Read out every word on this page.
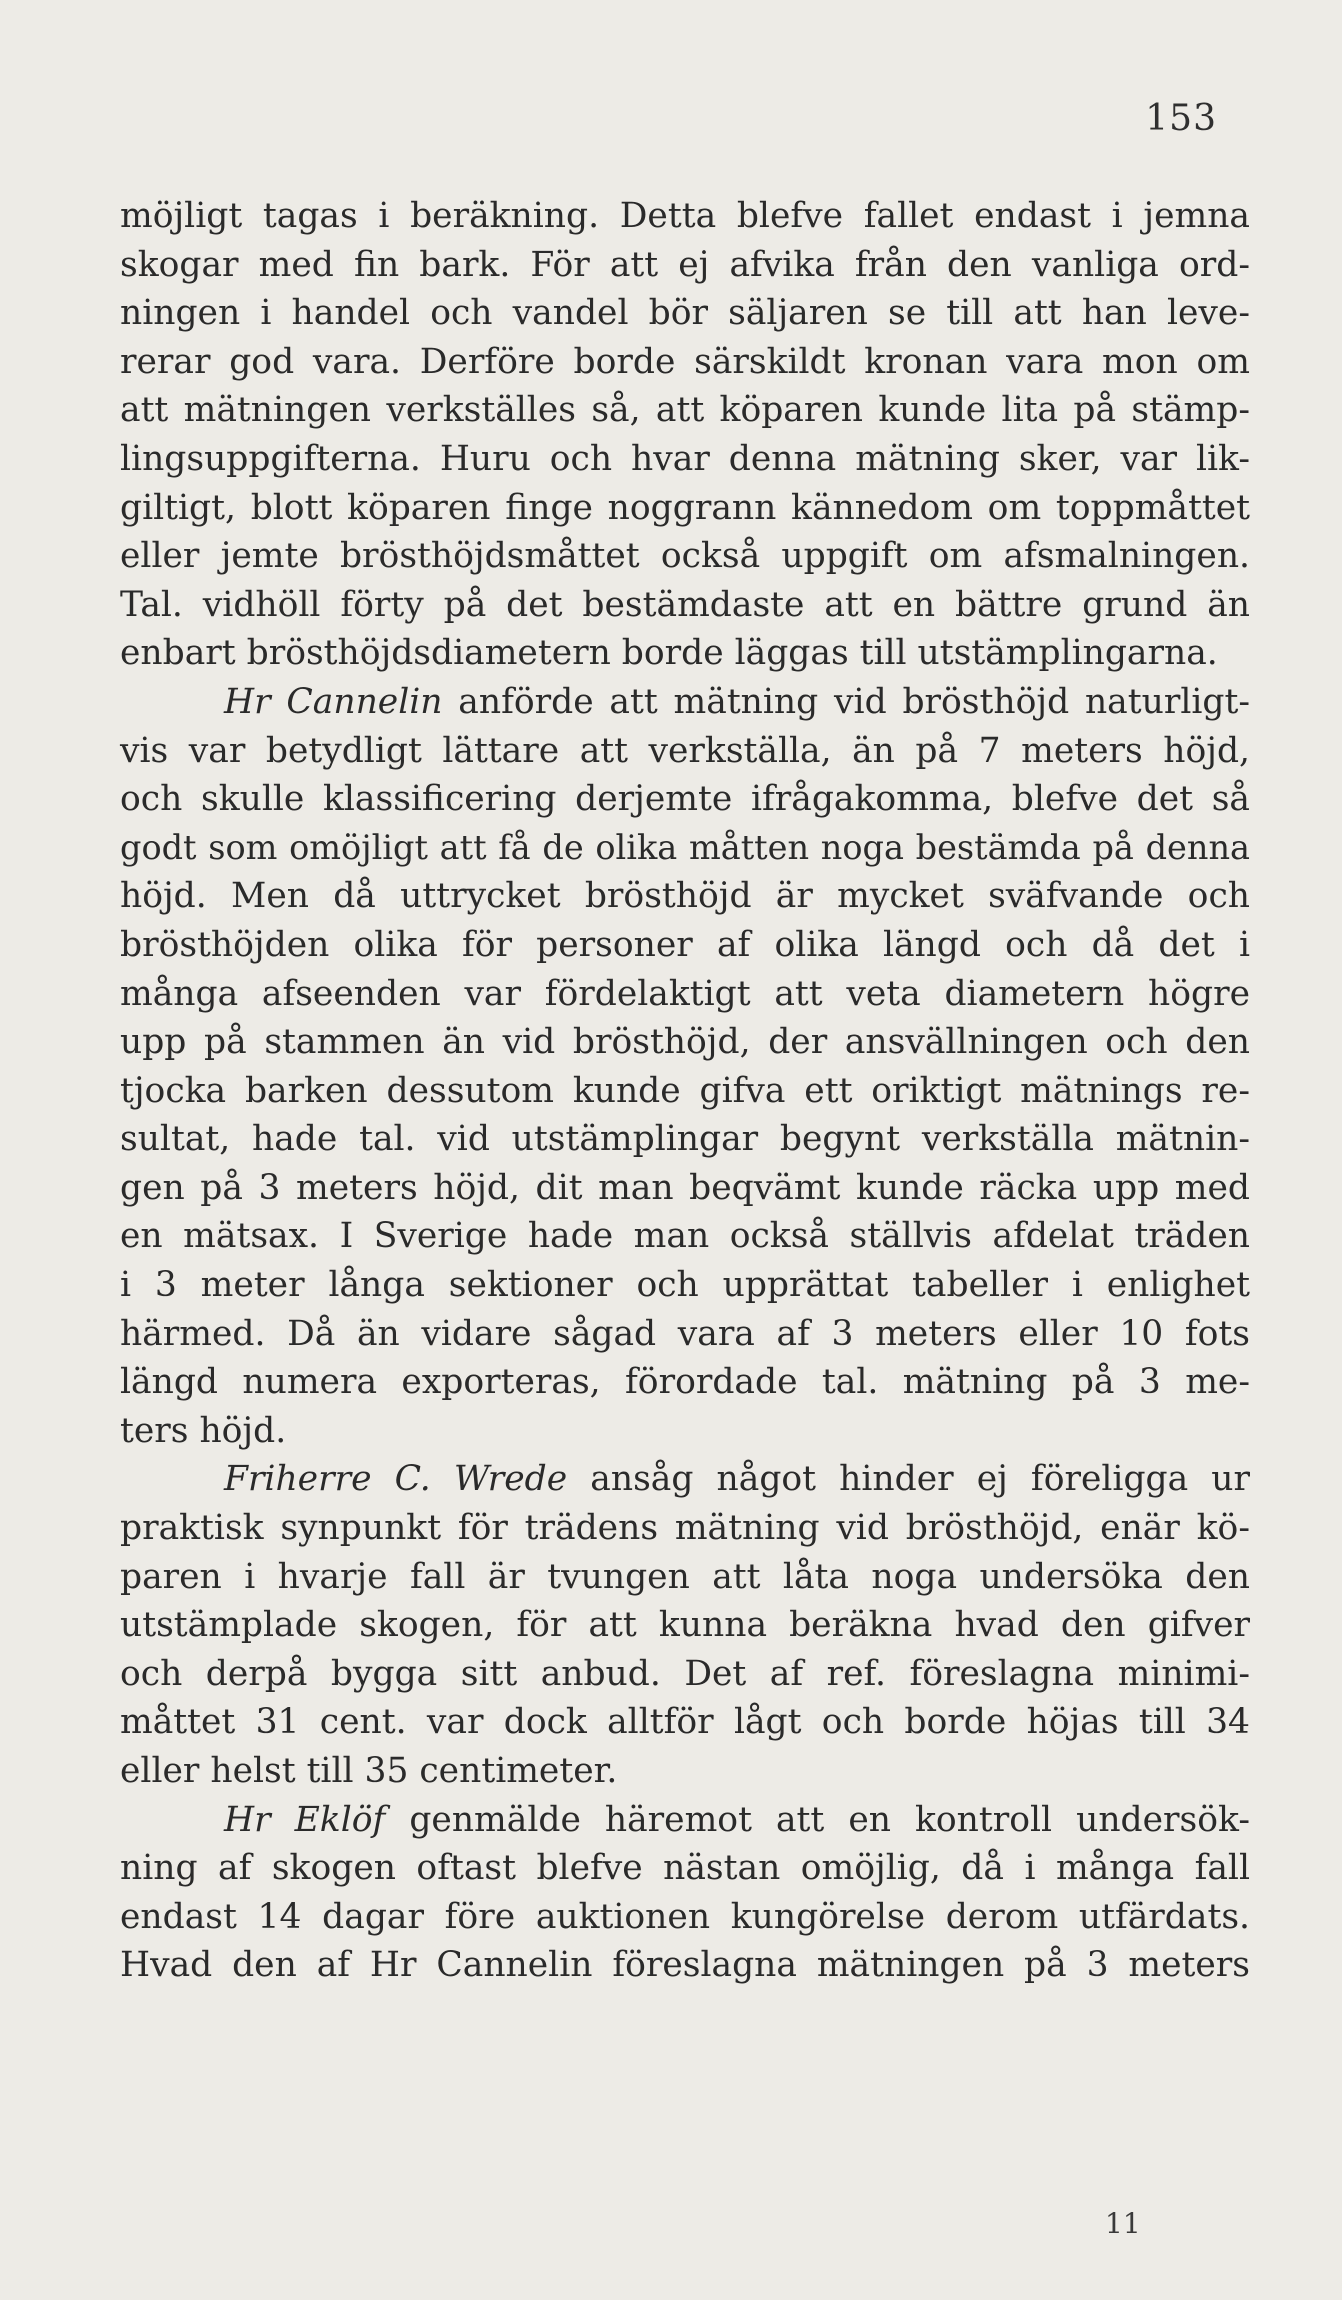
153
möjligt tagas i beräkning. Detta blefve fallet endast i jemna
skogar med fin bark. För att ej afvika från den vanliga ord-
ningen i handel och vandel bör säljaren se till att han leve-
rerar god vara. Derföre borde särskildt kronan vara mon om
att mätningen verkställes så, att köparen kunde lita på stämp-
lingsuppgifterna. Huru och hvar denna mätning sker, var lik-
giltigt, blott köparen finge noggrann kännedom om toppmåttet
eller jemte brösthöjdsmåttet också uppgift om afsmalningen.
Tal. vidhöll förty på det bestämdaste att en bättre grund än
enbart brösthöjdsdiametern borde läggas till utstämplingarna.
Hr Cannelin anförde att mätning vid brösthöjd naturligt-
vis var betydligt lättare att verkställa, än på 7 meters höjd,
och skulle klassificering derjemte ifrågakomma, blefve det så
godt som omöjligt att få de olika måtten noga bestämda på denna
höjd. Men då uttrycket brösthöjd är mycket sväfvande och
brösthöjden olika för personer af olika längd och då det i
många afseenden var fördelaktigt att veta diametern högre
upp på stammen än vid brösthöjd, der ansvällningen och den
tjocka barken dessutom kunde gifva ett oriktigt mätnings re-
sultat, hade tal. vid utstämplingar begynt verkställa mätnin-
gen på 3 meters höjd, dit man beqvämt kunde räcka upp med
en mätsax. I Sverige hade man också ställvis afdelat träden
i 3 meter långa sektioner och upprättat tabeller i enlighet
härmed. Då än vidare sågad vara af 3 meters eller 10 fots
längd numera exporteras, förordade tal. mätning på 3 me-
ters höjd.
Friherre C. Wrede ansåg något hinder ej föreligga ur
praktisk synpunkt för trädens mätning vid brösthöjd, enär kö-
paren i hvarje fall är tvungen att låta noga undersöka den
utstämplade skogen, för att kunna beräkna hvad den gifver
och derpå bygga sitt anbud. Det af ref. föreslagna minimi-
måttet 31 cent. var dock alltför lågt och borde höjas till 34
eller helst till 35 centimeter.
Hr Eklöf genmälde häremot att en kontroll undersök-
ning af skogen oftast blefve nästan omöjlig, då i många fall
endast 14 dagar före auktionen kungörelse derom utfärdats.
Hvad den af Hr Cannelin föreslagna mätningen på 3 meters
11
